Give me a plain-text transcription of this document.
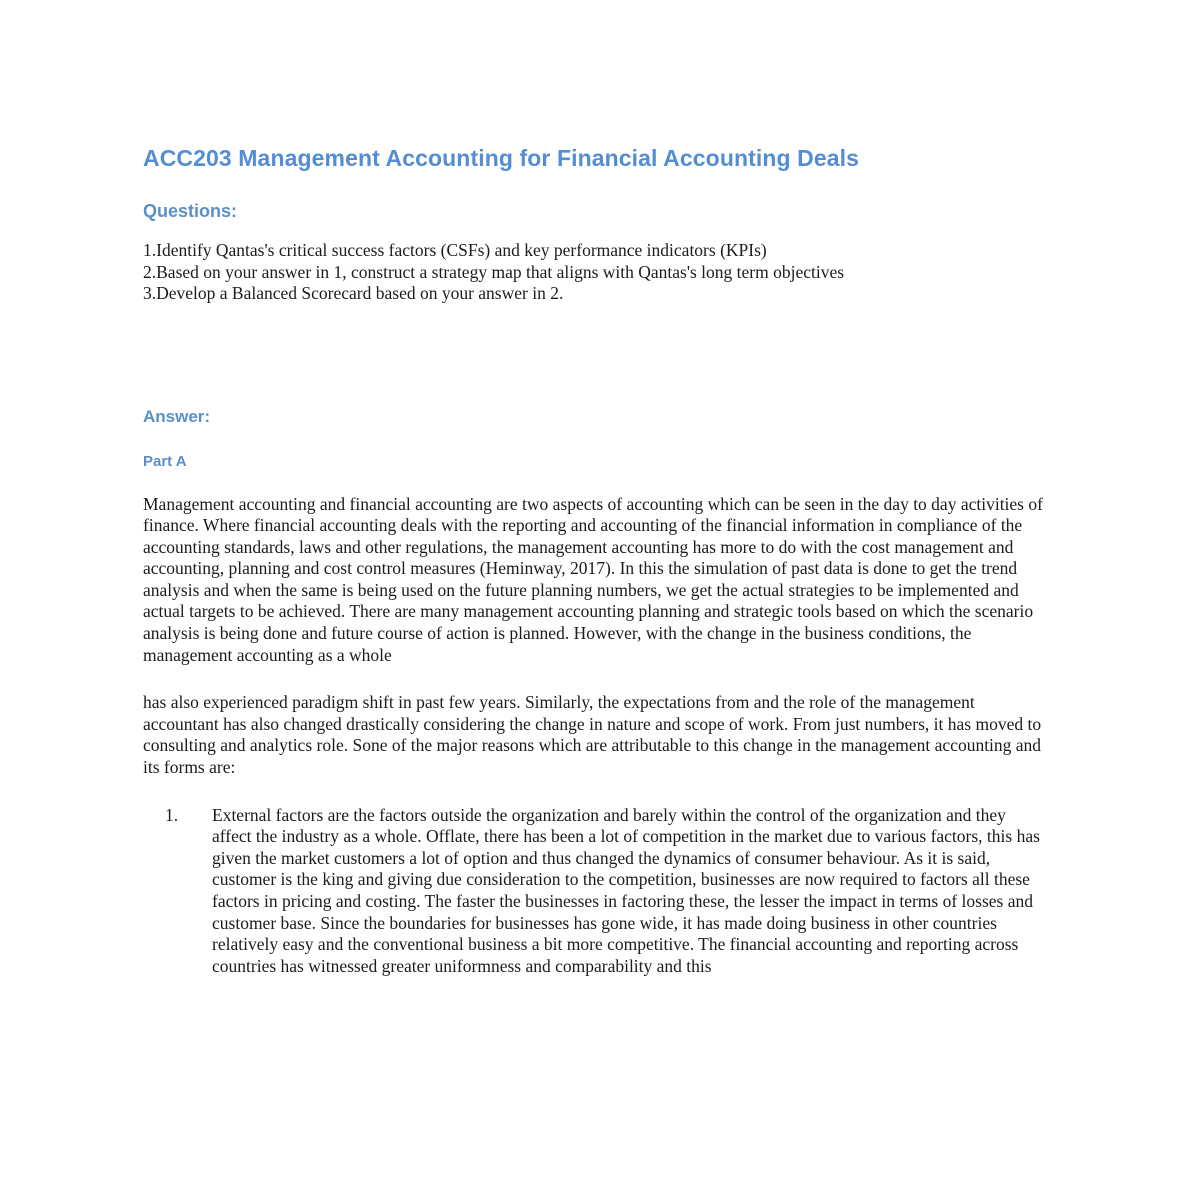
ACC203 Management Accounting for Financial Accounting Deals
Questions:

1.Identify Qantas's critical success factors (CSFs) and key performance indicators (KPIs)

2.Based on your answer in 1, construct a strategy map that aligns with Qantas's long term objectives

3.Develop a Balanced Scorecard based on your answer in 2.

Answer:
Part A

Management accounting and financial accounting are two aspects of accounting which can be seen in the day to day activities of finance. Where financial accounting deals with the reporting and accounting of the financial information in compliance of the accounting standards, laws and other regulations, the management accounting has more to do with the cost management and accounting, planning and cost control measures (Heminway, 2017). In this the simulation of past data is done to get the trend analysis and when the same is being used on the future planning numbers, we get the actual strategies to be implemented and actual targets to be achieved. There are many management accounting planning and strategic tools based on which the scenario analysis is being done and future course of action is planned. However, with the change in the business conditions, the management accounting as a whole

has also experienced paradigm shift in past few years. Similarly, the expectations from and the role of the management accountant has also changed drastically considering the change in nature and scope of work. From just numbers, it has moved to consulting and analytics role. Sone of the major reasons which are attributable to this change in the management accounting and its forms are:

1. External factors are the factors outside the organization and barely within the control of the organization and they affect the industry as a whole. Offlate, there has been a lot of competition in the market due to various factors, this has given the market customers a lot of option and thus changed the dynamics of consumer behaviour. As it is said, customer is the king and giving due consideration to the competition, businesses are now required to factors all these factors in pricing and costing. The faster the businesses in factoring these, the lesser the impact in terms of losses and customer base. Since the boundaries for businesses has gone wide, it has made doing business in other countries relatively easy and the conventional business a bit more competitive. The financial accounting and reporting across countries has witnessed greater uniformness and comparability and this
